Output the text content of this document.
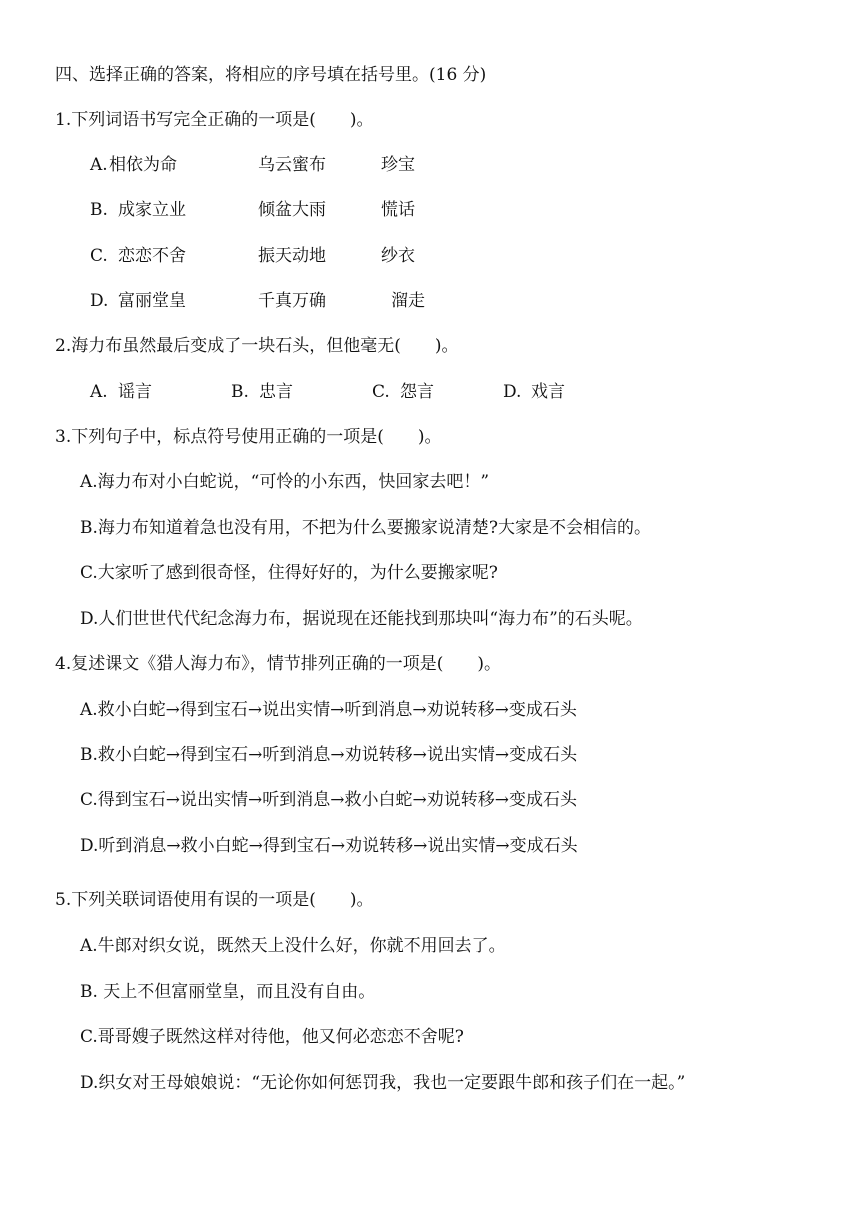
四、选择正确的答案，将相应的序号填在括号里。(16 分)
1.下列词语书写完全正确的一项是(　　)。
A. 相依为命	乌云蜜布	珍宝
B. 成家立业	倾盆大雨	慌话
C. 恋恋不舍	振天动地	纱衣
D. 富丽堂皇	千真万确	溜走
2.海力布虽然最后变成了一块石头，但他毫无(　　)。
A. 谣言	B. 忠言	C. 怨言	D. 戏言
3.下列句子中，标点符号使用正确的一项是(　　)。
A.海力布对小白蛇说，“可怜的小东西，快回家去吧！”
B.海力布知道着急也没有用，不把为什么要搬家说清楚?大家是不会相信的。
C.大家听了感到很奇怪，住得好好的，为什么要搬家呢?
D.人们世世代代纪念海力布，据说现在还能找到那块叫“海力布”的石头呢。
4.复述课文《猎人海力布》，情节排列正确的一项是(　　)。
A.救小白蛇→得到宝石→说出实情→听到消息→劝说转移→变成石头
B.救小白蛇→得到宝石→听到消息→劝说转移→说出实情→变成石头
C.得到宝石→说出实情→听到消息→救小白蛇→劝说转移→变成石头
D.听到消息→救小白蛇→得到宝石→劝说转移→说出实情→变成石头
5.下列关联词语使用有误的一项是(　　)。
A.牛郎对织女说，既然天上没什么好，你就不用回去了。
B. 天上不但富丽堂皇，而且没有自由。
C.哥哥嫂子既然这样对待他，他又何必恋恋不舍呢?
D.织女对王母娘娘说：“无论你如何惩罚我，我也一定要跟牛郎和孩子们在一起。”
